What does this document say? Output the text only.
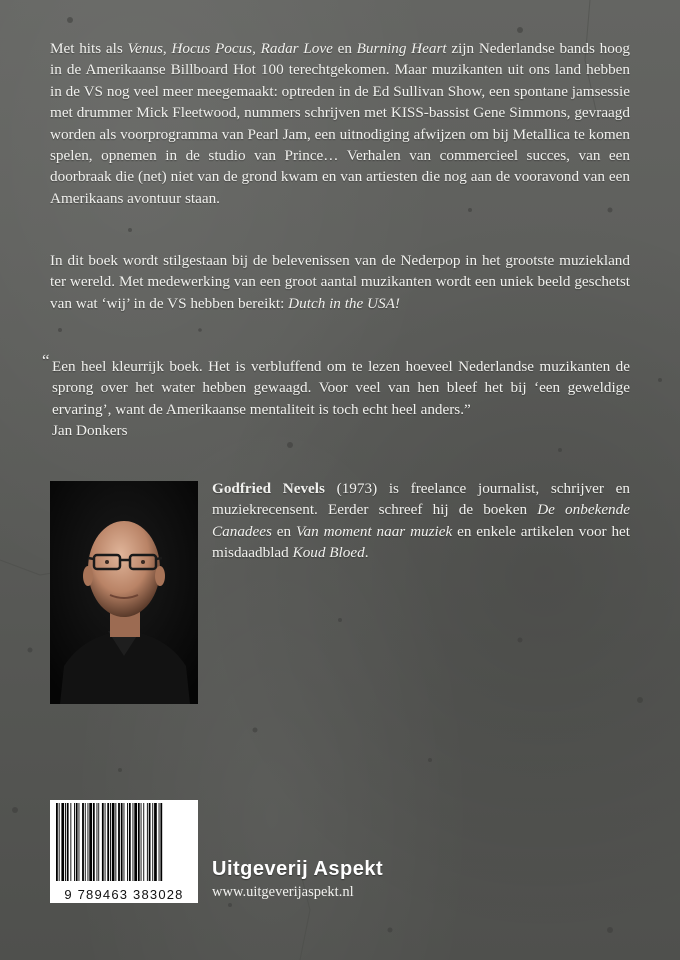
Met hits als Venus, Hocus Pocus, Radar Love en Burning Heart zijn Nederlandse bands hoog in de Amerikaanse Billboard Hot 100 terechtgekomen. Maar muzikanten uit ons land hebben in de VS nog veel meer meegemaakt: optreden in de Ed Sullivan Show, een spontane jamsessie met drummer Mick Fleetwood, nummers schrijven met KISS-bassist Gene Simmons, gevraagd worden als voorprogramma van Pearl Jam, een uitnodiging afwijzen om bij Metallica te komen spelen, opnemen in de studio van Prince… Verhalen van commercieel succes, van een doorbraak die (net) niet van de grond kwam en van artiesten die nog aan de vooravond van een Amerikaans avontuur staan.
In dit boek wordt stilgestaan bij de belevenissen van de Nederpop in het grootste muziekland ter wereld. Met medewerking van een groot aantal muzikanten wordt een uniek beeld geschetst van wat ‘wij’ in de VS hebben bereikt: Dutch in the USA!
“ Een heel kleurrijk boek. Het is verbluffend om te lezen hoeveel Nederlandse muzikanten de sprong over het water hebben gewaagd. Voor veel van hen bleef het bij ‘een geweldige ervaring’, want de Amerikaanse mentaliteit is toch echt heel anders.”
Jan Donkers
Godfried Nevels (1973) is freelance journalist, schrijver en muziekrecensent. Eerder schreef hij de boeken De onbekende Canadees en Van moment naar muziek en enkele artikelen voor het misdaadblad Koud Bloed.
9 789463 383028
Uitgeverij Aspekt
www.uitgeverijaspekt.nl
